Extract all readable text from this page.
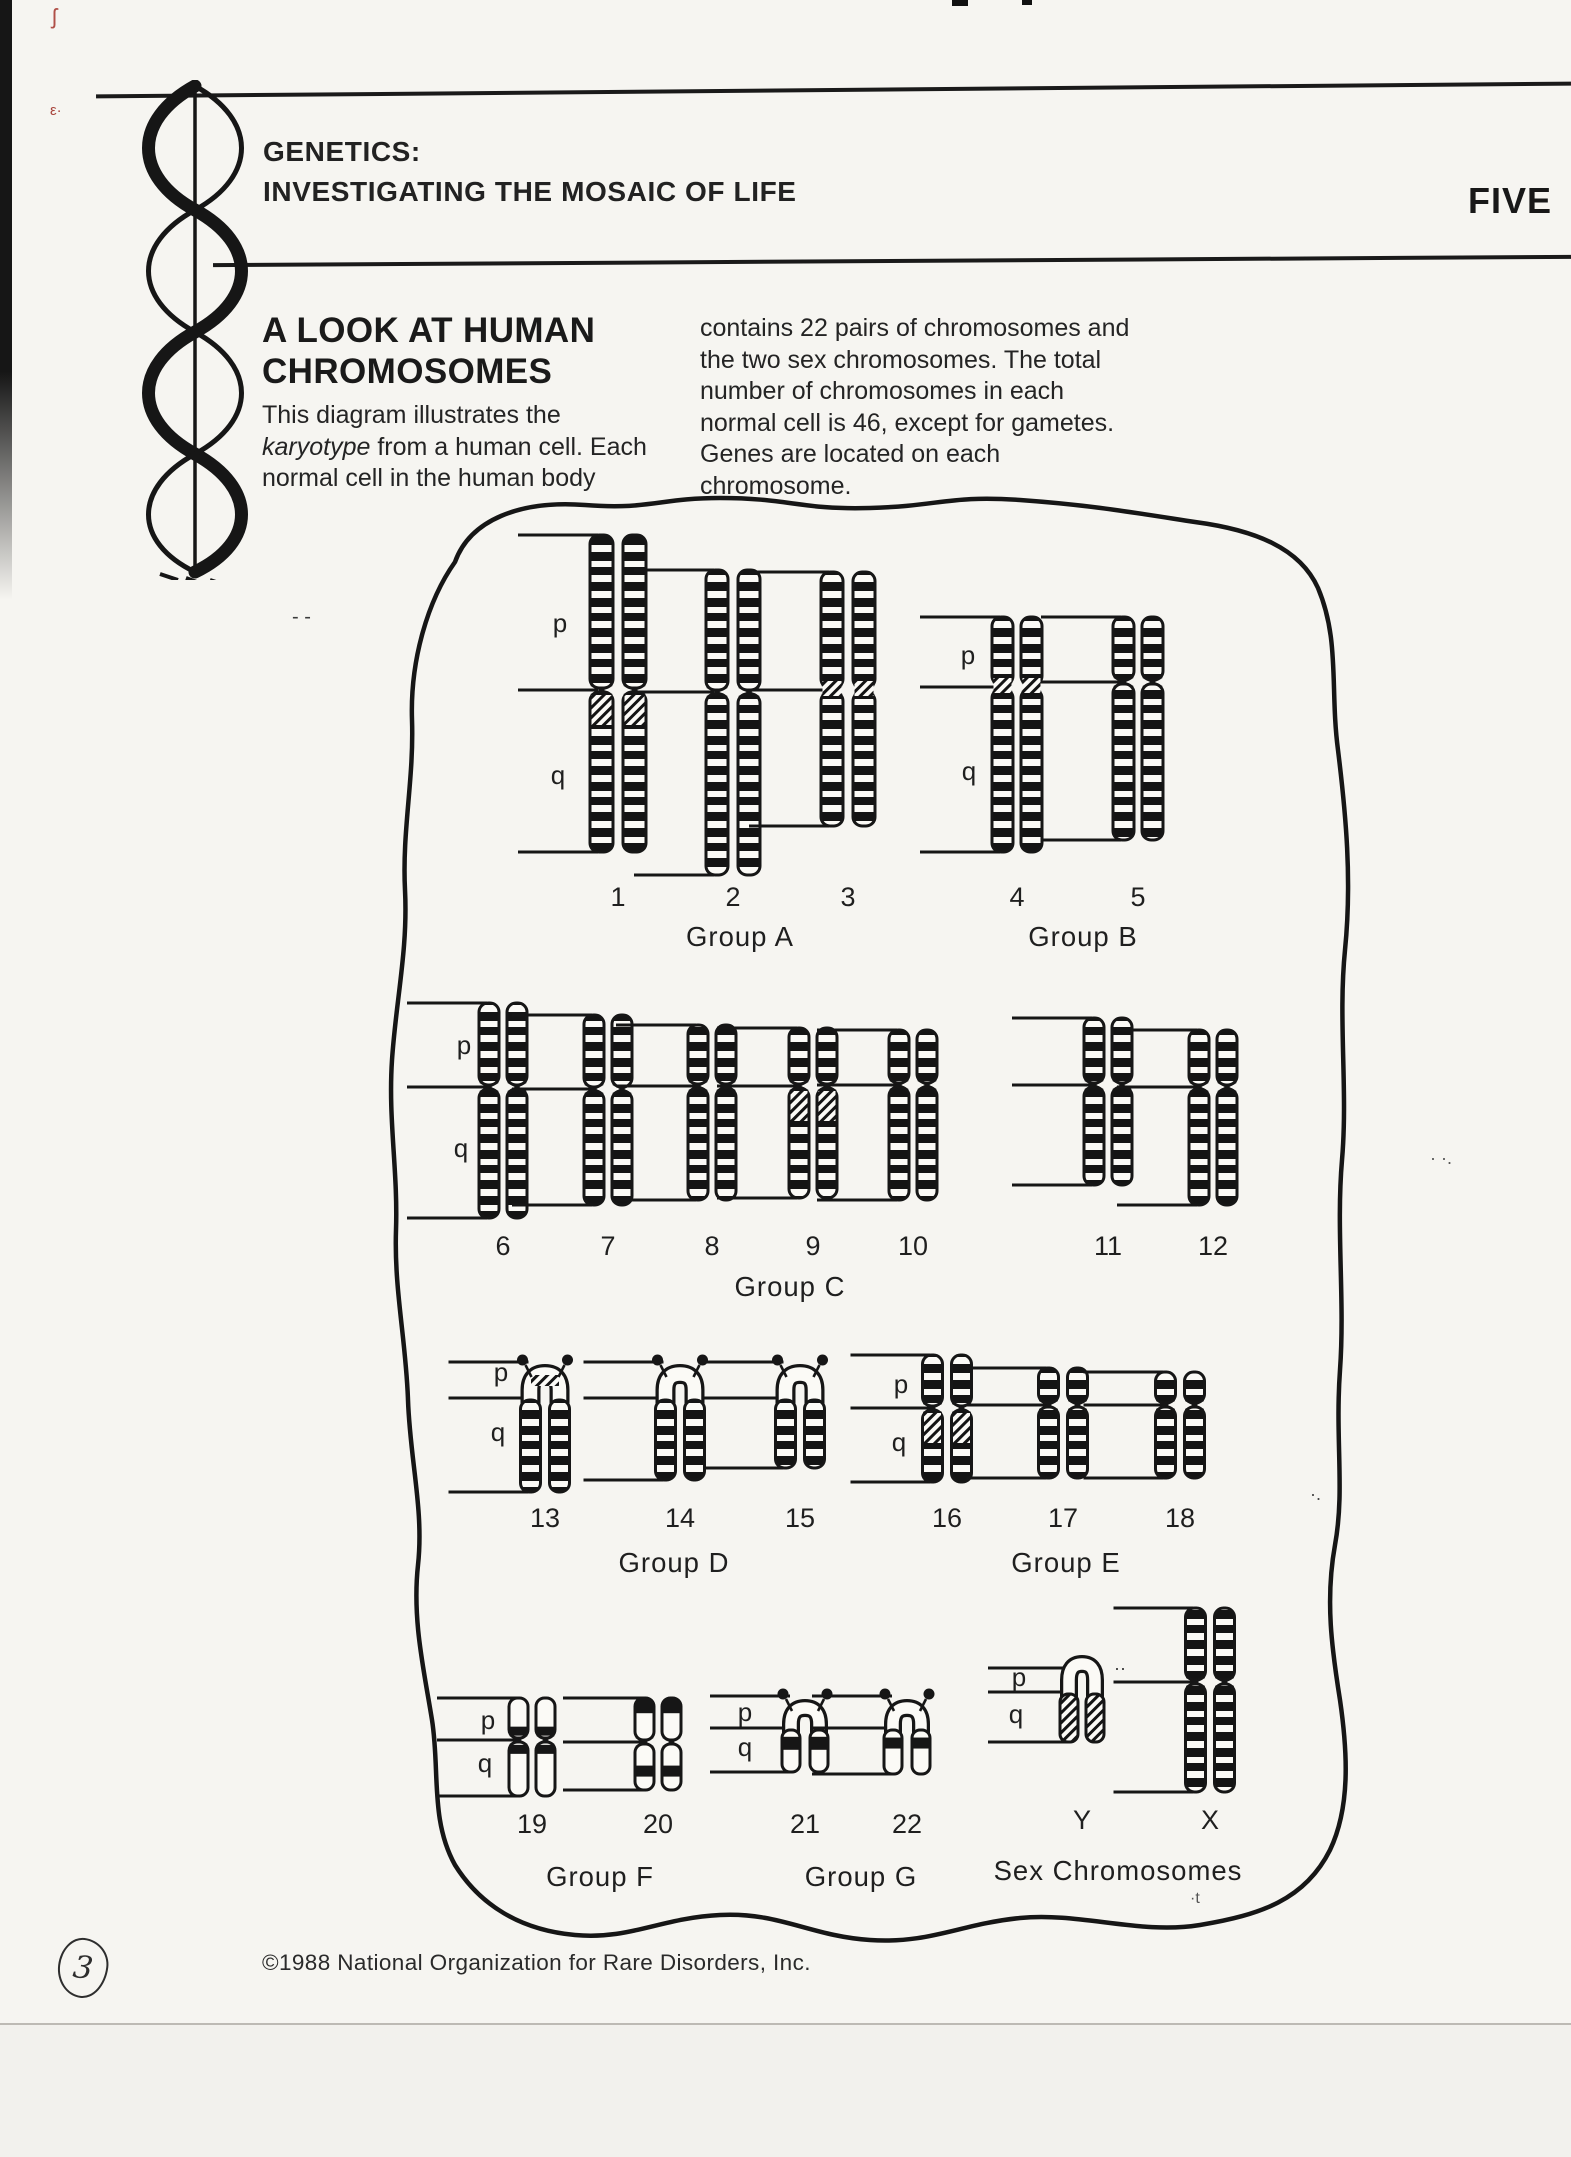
GENETICS:
INVESTIGATING THE MOSAIC OF LIFE	FIVE
A LOOK AT HUMAN
CHROMOSOMES
This diagram illustrates the karyotype from a human cell. Each normal cell in the human body
contains 22 pairs of chromosomes and the two sex chromosomes. The total number of chromosomes in each normal cell is 46, except for gametes. Genes are located on each chromosome.
1	2	3
Group A
4	5
Group B
6	7	8	9	10	11	12
Group C
13	14	15
Group D
16	17	18
Group E
19	20
Group F
21	22
Group G
Y	X
Sex Chromosomes
p
q
p
q
p
q
p
q
p
q
p
q
p
q
p
q
- -
ʃ
ε·
· ·.
··
·.
·t
©1988 National Organization for Rare Disorders, Inc.
3
